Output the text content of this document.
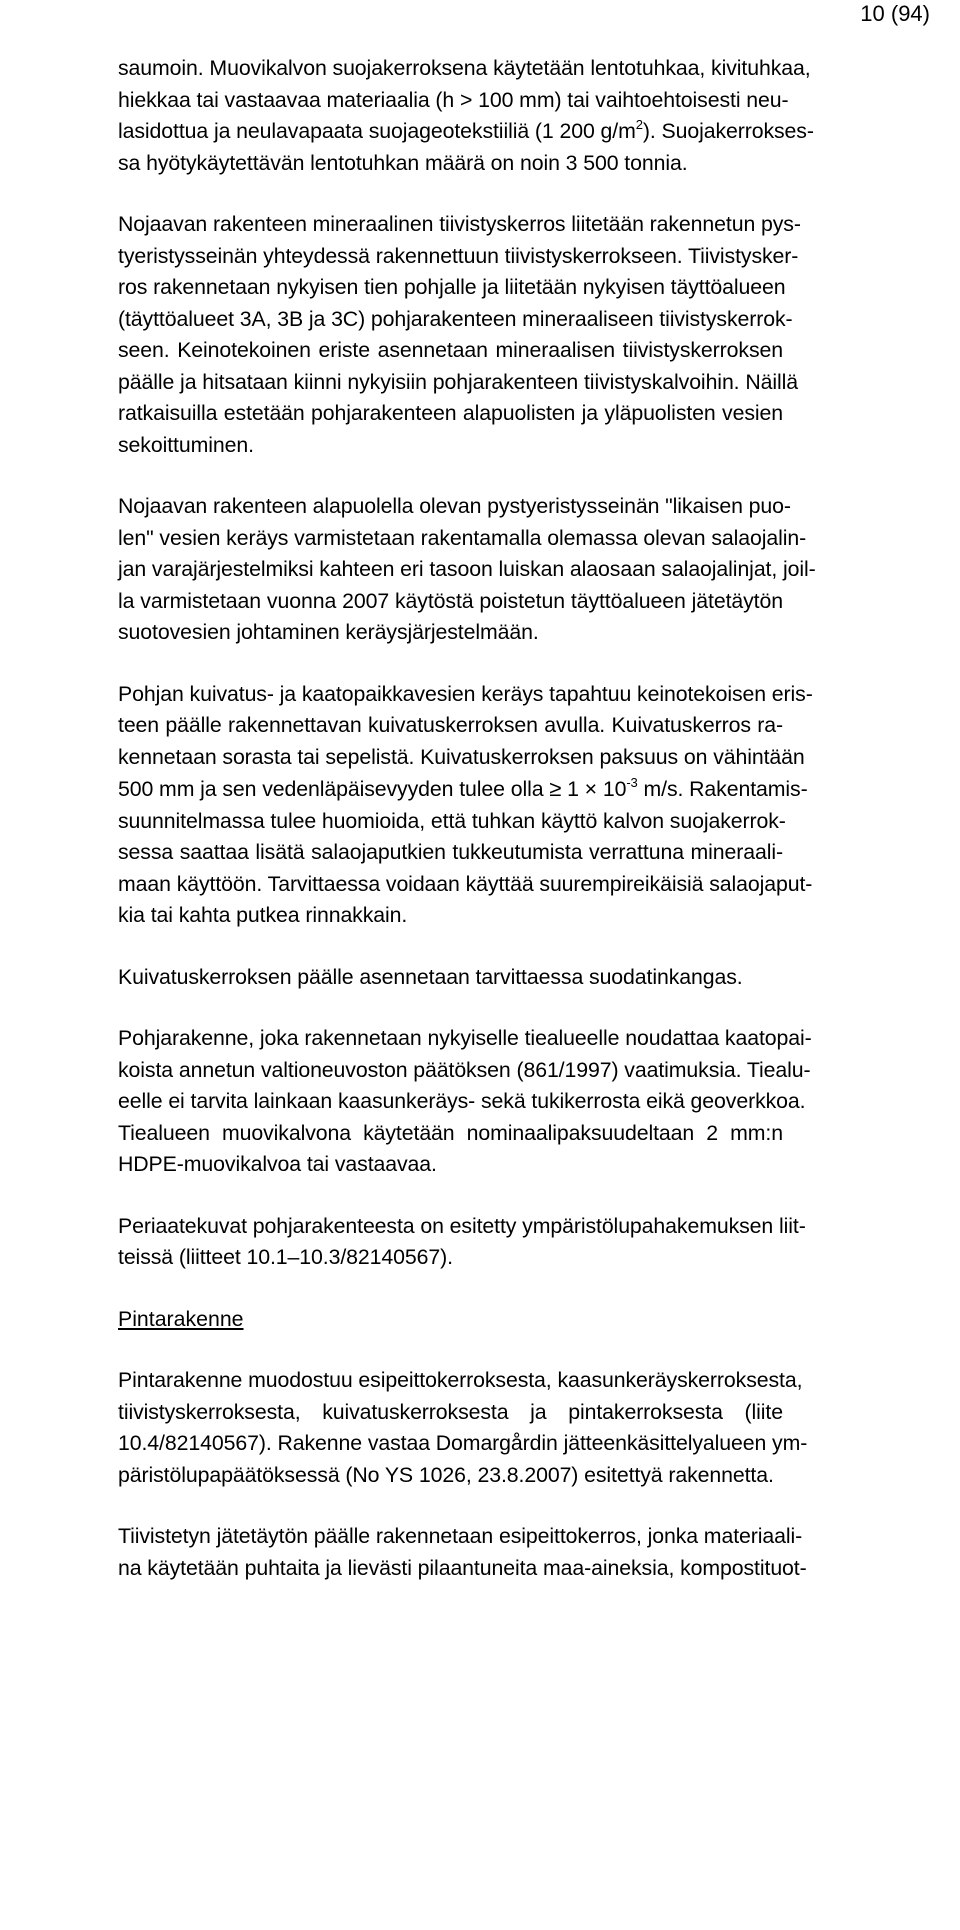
10 (94)
saumoin. Muovikalvon suojakerroksena käytetään lentotuhkaa, kivituhkaa,
hiekkaa tai vastaavaa materiaalia (h > 100 mm) tai vaihtoehtoisesti neu-
lasidottua ja neulavapaata suojageotekstiiliä (1 200 $g/m^2$). Suojakerrokses-
sa hyötykäytettävän lentotuhkan määrä on noin 3 500 tonnia.
Nojaavan rakenteen mineraalinen tiivistyskerros liitetään rakennetun pys-
tyeristysseinän yhteydessä rakennettuun tiivistyskerrokseen. Tiivistysker-
ros rakennetaan nykyisen tien pohjalle ja liitetään nykyisen täyttöalueen
(täyttöalueet 3A, 3B ja 3C) pohjarakenteen mineraaliseen tiivistyskerrok-
seen. Keinotekoinen eriste asennetaan mineraalisen tiivistyskerroksen
päälle ja hitsataan kiinni nykyisiin pohjarakenteen tiivistyskalvoihin. Näillä
ratkaisuilla estetään pohjarakenteen alapuolisten ja yläpuolisten vesien
sekoittuminen.
Nojaavan rakenteen alapuolella olevan pystyeristysseinän "likaisen puo-
len" vesien keräys varmistetaan rakentamalla olemassa olevan salaojalin-
jan varajärjestelmiksi kahteen eri tasoon luiskan alaosaan salaojalinjat, joil-
la varmistetaan vuonna 2007 käytöstä poistetun täyttöalueen jätetäytön
suotovesien johtaminen keräysjärjestelmään.
Pohjan kuivatus- ja kaatopaikkavesien keräys tapahtuu keinotekoisen eris-
teen päälle rakennettavan kuivatuskerroksen avulla. Kuivatuskerros ra-
kennetaan sorasta tai sepelistä. Kuivatuskerroksen paksuus on vähintään
500 mm ja sen vedenläpäisevyyden tulee olla ≥ $1 \times 10^{-3}$ m/s. Rakentamis-
suunnitelmassa tulee huomioida, että tuhkan käyttö kalvon suojakerrok-
sessa saattaa lisätä salaojaputkien tukkeutumista verrattuna mineraali-
maan käyttöön. Tarvittaessa voidaan käyttää suurempireikäisiä salaojaput-
kia tai kahta putkea rinnakkain.
Kuivatuskerroksen päälle asennetaan tarvittaessa suodatinkangas.
Pohjarakenne, joka rakennetaan nykyiselle tiealueelle noudattaa kaatopai-
koista annetun valtioneuvoston päätöksen (861/1997) vaatimuksia. Tiealu-
eelle ei tarvita lainkaan kaasunkeräys- sekä tukikerrosta eikä geoverkkoa.
Tiealueen muovikalvona käytetään nominaalipaksuudeltaan 2 mm:n
HDPE-muovikalvoa tai vastaavaa.
Periaatekuvat pohjarakenteesta on esitetty ympäristölupahakemuksen liit-
teissä (liitteet 10.1–10.3/82140567).
Pintarakenne
Pintarakenne muodostuu esipeittokerroksesta, kaasunkeräyskerroksesta,
tiivistyskerroksesta, kuivatuskerroksesta ja pintakerroksesta (liite
10.4/82140567). Rakenne vastaa Domargårdin jätteenkäsittelyalueen ym-
päristölupapäätöksessä (No YS 1026, 23.8.2007) esitettyä rakennetta.
Tiivistetyn jätetäytön päälle rakennetaan esipeittokerros, jonka materiaali-
na käytetään puhtaita ja lievästi pilaantuneita maa-aineksia, kompostituot-
